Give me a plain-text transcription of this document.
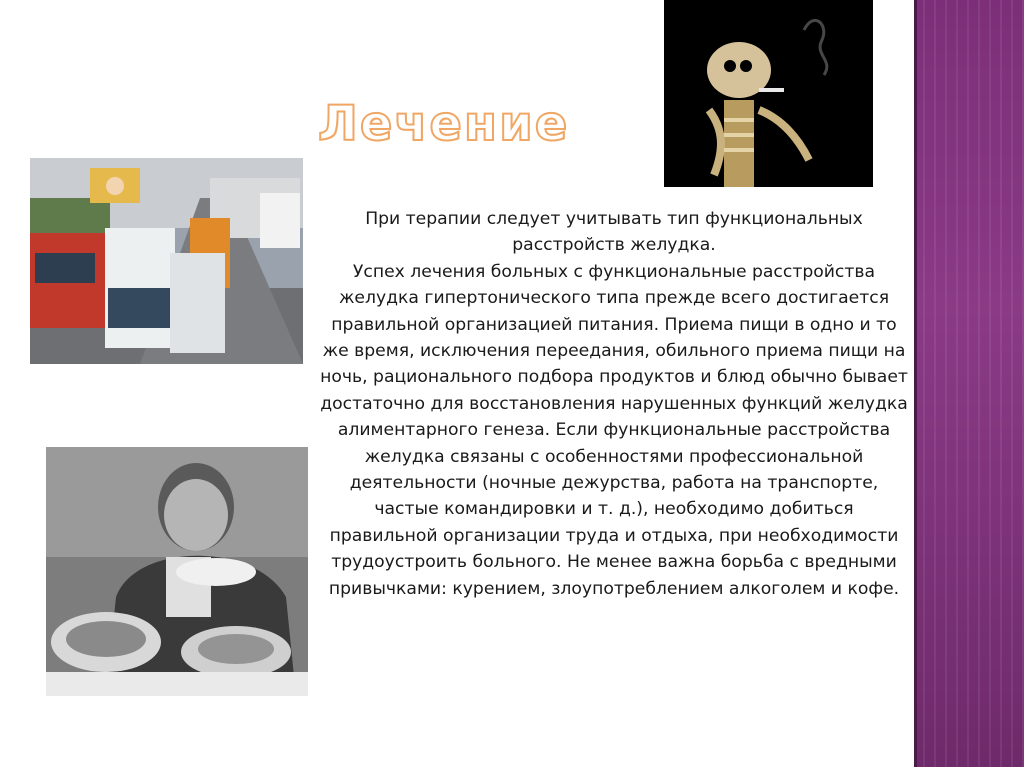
Лечение

При терапии следует учитывать тип функциональных расстройств желудка.

Успех лечения больных с функциональные расстройства желудка гипертонического типа прежде всего достигается правильной организацией питания. Приема пищи в одно и то же время, исключения переедания, обильного приема пищи на ночь, рационального подбора продуктов и блюд обычно бывает достаточно для восстановления нарушенных функций желудка алиментарного генеза. Если функциональные расстройства желудка связаны с особенностями профессиональной деятельности (ночные дежурства, работа на транспорте, частые командировки и т. д.), необходимо добиться правильной организации труда и отдыха, при необходимости трудоустроить больного. Не менее важна борьба с вредными привычками: курением, злоупотреблением алкоголем и кофе.
